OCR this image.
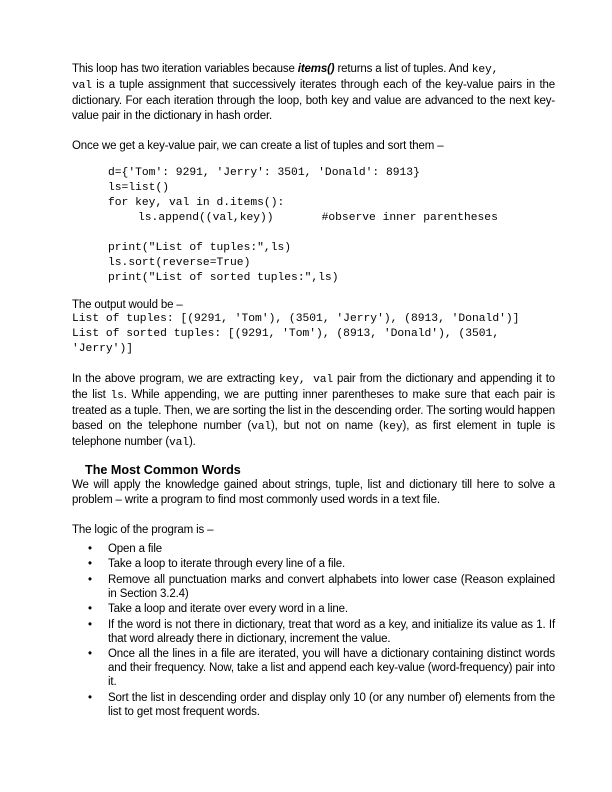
This loop has two iteration variables because items() returns a list of tuples. And key,
val is a tuple assignment that successively iterates through each of the key-value pairs in the dictionary. For each iteration through the loop, both key and value are advanced to the next key-value pair in the dictionary in hash order.

Once we get a key-value pair, we can create a list of tuples and sort them –

d={'Tom': 9291, 'Jerry': 3501, 'Donald': 8913}
ls=list()
for key, val in d.items():
ls.append((val,key))	#observe inner parentheses

print("List of tuples:",ls)
ls.sort(reverse=True)
print("List of sorted tuples:",ls)

The output would be –

List of tuples: [(9291, 'Tom'), (3501, 'Jerry'), (8913, 'Donald')]
List of sorted tuples: [(9291, 'Tom'), (8913, 'Donald'), (3501, 'Jerry')]

In the above program, we are extracting key, val pair from the dictionary and appending it to the list ls. While appending, we are putting inner parentheses to make sure that each pair is treated as a tuple. Then, we are sorting the list in the descending order. The sorting would happen based on the telephone number (val), but not on name (key), as first element in tuple is telephone number (val).

The Most Common Words

We will apply the knowledge gained about strings, tuple, list and dictionary till here to solve a problem – write a program to find most commonly used words in a text file.

The logic of the program is –

• Open a file
• Take a loop to iterate through every line of a file.
• Remove all punctuation marks and convert alphabets into lower case (Reason explained in Section 3.2.4)
• Take a loop and iterate over every word in a line.
• If the word is not there in dictionary, treat that word as a key, and initialize its value as 1. If that word already there in dictionary, increment the value.
• Once all the lines in a file are iterated, you will have a dictionary containing distinct words and their frequency. Now, take a list and append each key-value (word-frequency) pair into it.
• Sort the list in descending order and display only 10 (or any number of) elements from the list to get most frequent words.
